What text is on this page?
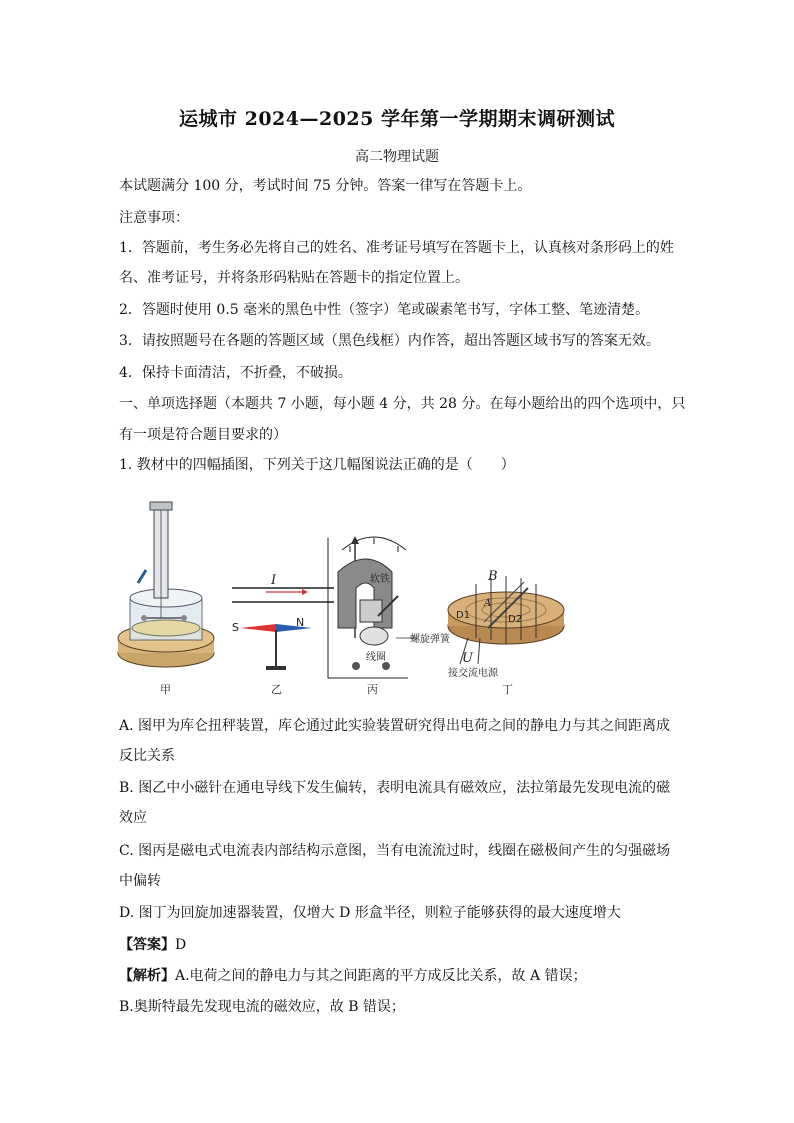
运城市 2024—2025 学年第一学期期末调研测试
高二物理试题
本试题满分 100 分，考试时间 75 分钟。答案一律写在答题卡上。
注意事项：
1．答题前，考生务必先将自己的姓名、准考证号填写在答题卡上，认真核对条形码上的姓
名、准考证号，并将条形码粘贴在答题卡的指定位置上。
2．答题时使用 0.5 毫米的黑色中性（签字）笔或碳素笔书写，字体工整、笔迹清楚。
3．请按照题号在各题的答题区域（黑色线框）内作答，超出答题区域书写的答案无效。
4．保持卡面清洁，不折叠，不破损。
一、单项选择题（本题共 7 小题，每小题 4 分，共 28 分。在每小题给出的四个选项中，只
有一项是符合题目要求的）
1. 教材中的四幅插图，下列关于这几幅图说法正确的是（　　）
甲
I
S	N
乙
软铁
螺旋弹簧
线圈
丙
B
D1	D2
A
U
接交流电源
丁
A. 图甲为库仑扭秤装置，库仑通过此实验装置研究得出电荷之间的静电力与其之间距离成
反比关系
B. 图乙中小磁针在通电导线下发生偏转，表明电流具有磁效应，法拉第最先发现电流的磁
效应
C. 图丙是磁电式电流表内部结构示意图，当有电流流过时，线圈在磁极间产生的匀强磁场
中偏转
D. 图丁为回旋加速器装置，仅增大 D 形盒半径，则粒子能够获得的最大速度增大
【答案】D
【解析】A.电荷之间的静电力与其之间距离的平方成反比关系，故 A 错误；
B.奥斯特最先发现电流的磁效应，故 B 错误；
